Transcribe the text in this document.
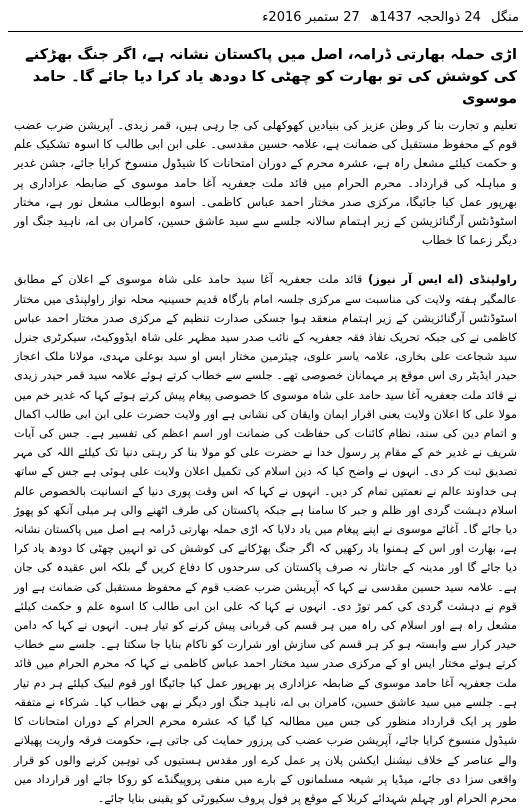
منگل 24 ذوالحجہ 1437ھ 27 ستمبر 2016ء
اڑی حملہ بھارتی ڈرامہ، اصل میں پاکستان نشانہ ہے، اگر جنگ بھڑکنے کی کوشش کی تو بھارت کو چھٹی کا دودھ یاد کرا دیا جائے گا۔ حامد موسوی
تعلیم و تجارت بنا کر وطن عزیز کی بنیادیں کھوکھلی کی جا رہی ہیں، قمر زیدی۔ آپریشن ضرب عضب قوم کے محفوظ مستقبل کی ضمانت ہے، علامہ حسین مقدسی۔ علی ابن ابی طالب کا اسوہ تشکیک علم و حکمت کیلئے مشعل راہ ہے، عشرہ محرم کے دوران امتحانات کا شیڈول منسوخ کرایا جائے، جشن غدیر و مباہلہ کی قرارداد۔ محرم الحرام میں قائد ملت جعفریہ آغا حامد موسوی کے ضابطہ عزاداری پر بھرپور عمل کیا جائیگا، مرکزی صدر مختار احمد عباس کاظمی۔ اسوہ ابوطالب مشعل نور ہے، مختار اسٹوڈنٹس آرگنائزیشن کے زیر اہتمام سالانہ جلسے سے سید عاشق حسین، کامران بی اے، ناہید جنگ اور دیگر زعما کا خطاب
راولپنڈی (اے ایس آر نیوز) قائد ملت جعفریہ آغا سید حامد علی شاہ موسوی کے اعلان کے مطابق عالمگیر ہفتہ ولایت کی مناسبت سے مرکزی جلسہ امام بارگاہ قدیم حسینیہ محلہ نواز راولپنڈی میں مختار اسٹوڈنٹس آرگنائزیشن کے زیر اہتمام منعقد ہوا جسکی صدارت تنظیم کے مرکزی صدر مختار احمد عباس کاظمی نے کی جبکہ تحریک نفاذ فقہ جعفریہ کے نائب صدر سید مظہر علی شاہ ایڈووکیٹ، سیکرٹری جنرل سید شجاعت علی بخاری، علامہ یاسر علوی، چیئرمین مختار ایس او سید بوعلی مہدی، مولانا ملک اعجاز حیدر ایڈیٹر ری اس موقع پر مہمانان خصوصی تھے۔ جلسے سے خطاب کرتے ہوئے علامہ سید قمر حیدر زیدی نے قائد ملت جعفریہ آغا سید حامد علی شاہ موسوی کا خصوصی پیغام پیش کرتے ہوئے کہا کہ غدیر خم میں مولا علی کا اعلان ولایت یعنی اقرار ایمان وایقان کی نشانی ہے اور ولایت حضرت علی ابن ابی طالب اکمال و اتمام دین کی سند، نظام کائنات کی حفاظت کی ضمانت اور اسم اعظم کی تفسیر ہے۔ جس کی آیات شریف نے غدیر خم کے مقام پر رسول خدا نے حضرت علی کو مولا بنا کر رہتی دنیا تک کیلئے اللہ کی مہر تصدیق ثبت کر دی۔ انہوں نے واضح کیا کہ دین اسلام کی تکمیل اعلان ولایت علی ہوئی ہے جس کے ساتھ ہی خداوند عالم نے نعمتیں تمام کر دیں۔ انہوں نے کہا کہ اس وقت پوری دنیا کے انسانیت بالخصوص عالم اسلام دہشت گردی اور ظلم و جبر کا سامنا ہے جبکہ پاکستان کی طرف اٹھنے والی ہر میلی آنکھ کو پھوڑ دیا جائے گا۔ آغائے موسوی نے اپنے پیغام میں یاد دلایا کہ اڑی حملہ بھارتی ڈرامہ ہے اصل میں پاکستان نشانہ ہے، بھارت اور اس کے ہمنوا یاد رکھیں کہ اگر جنگ بھڑکانے کی کوشش کی تو انہیں چھٹی کا دودھ یاد کرا دیا جائے گا اور مدینہ کے جانثار نہ صرف پاکستان کی سرحدوں کا دفاع کریں گے بلکہ اس عقیدہ کی جان ہے۔ علامہ سید حسین مقدسی نے کہا کہ آپریشن ضرب عضب قوم کے محفوظ مستقبل کی ضمانت ہے اور قوم نے دہشت گردی کی کمر توڑ دی۔ انہوں نے کہا کہ علی ابن ابی طالب کا اسوہ علم و حکمت کیلئے مشعل راہ ہے اور اسلام کی راہ میں ہر قسم کی قربانی پیش کرنے کو تیار ہیں۔ انہوں نے کہا کہ دامن حیدر کرار سے وابستہ ہو کر ہر قسم کی سازش اور شرارت کو ناکام بنایا جا سکتا ہے۔ جلسے سے خطاب کرتے ہوئے مختار ایس او کے مرکزی صدر سید مختار احمد عباس کاظمی نے کہا کہ محرم الحرام میں قائد ملت جعفریہ آغا حامد موسوی کے ضابطہ عزاداری پر بھرپور عمل کیا جائیگا اور قوم لبیک کیلئے ہر دم تیار ہے۔ جلسے میں سید عاشق حسین، کامران بی اے، ناہید جنگ اور دیگر نے بھی خطاب کیا۔ شرکاء نے متفقہ طور پر ایک قرارداد منظور کی جس میں مطالبہ کیا گیا کہ عشرہ محرم الحرام کے دوران امتحانات کا شیڈول منسوخ کرایا جائے، آپریشن ضرب عضب کی پرزور حمایت کی جاتی ہے، حکومت فرقہ واریت پھیلانے والے عناصر کے خلاف نیشنل ایکشن پلان پر عمل کرے اور مقدس ہستیوں کی توہین کرنے والوں کو قرار واقعی سزا دی جائے، میڈیا پر شیعہ مسلمانوں کے بارے میں منفی پروپیگنڈے کو روکا جائے اور قرارداد میں محرم الحرام اور چہلم شہدائے کربلا کے موقع پر فول پروف سکیورٹی کو یقینی بنایا جائے۔
